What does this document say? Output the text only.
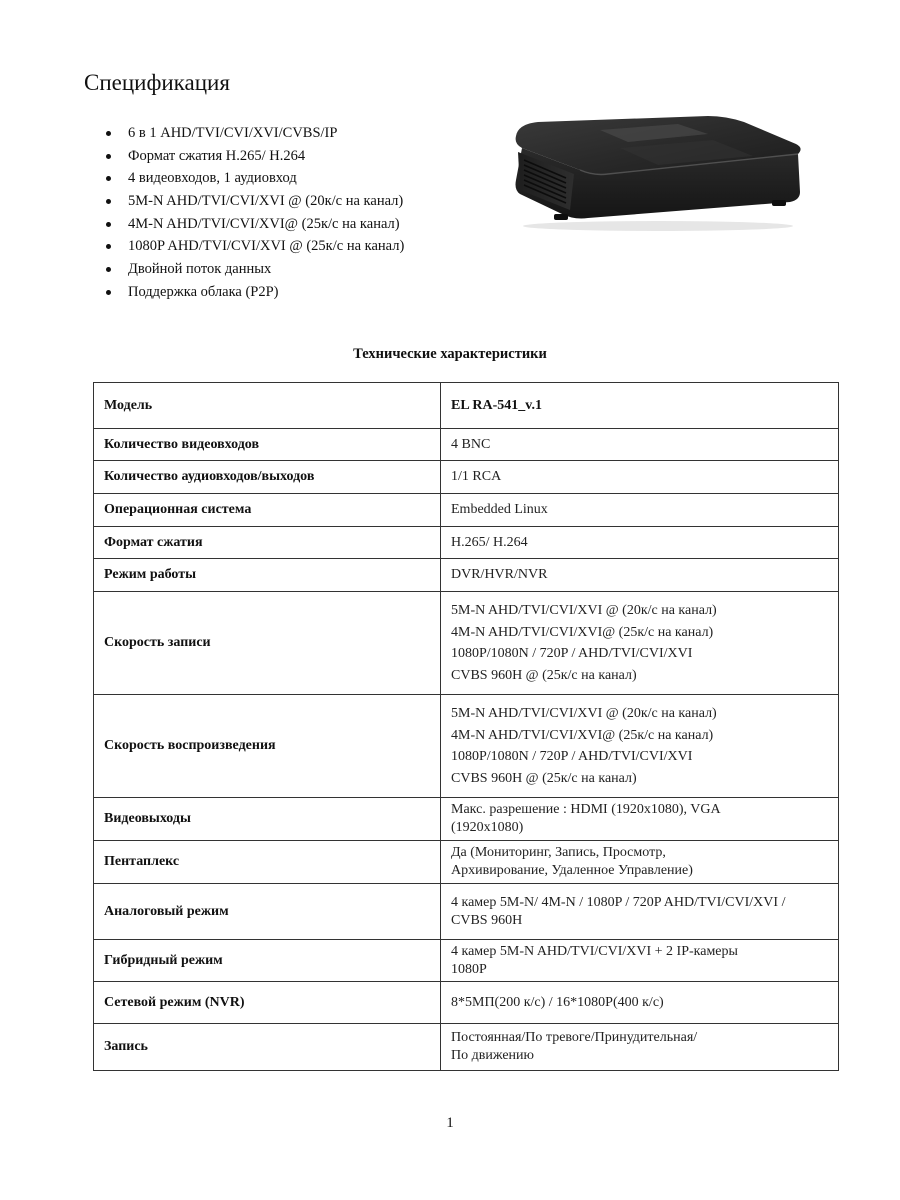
Спецификация
6 в 1 AHD/TVI/CVI/XVI/CVBS/IP
Формат сжатия H.265/ H.264
4 видеовходов, 1 аудиовход
5M-N AHD/TVI/CVI/XVI @ (20к/с на канал)
4M-N AHD/TVI/CVI/XVI@ (25к/с на канал)
1080P AHD/TVI/CVI/XVI @ (25к/с на канал)
Двойной поток данных
Поддержка облака (P2P)
Технические характеристики
Модель	EL RA-541_v.1

Количество видеовходов	4 BNC

Количество аудиовходов/выходов	1/1 RCA

Операционная система	Embedded Linux

Формат сжатия	H.265/ H.264

Режим работы	DVR/HVR/NVR

Скорость записи	5M-N AHD/TVI/CVI/XVI @ (20к/с на канал)
4M-N AHD/TVI/CVI/XVI@ (25к/с на канал)
1080P/1080N / 720P / AHD/TVI/CVI/XVI
CVBS 960H @ (25к/с на канал)

Скорость воспроизведения	5M-N AHD/TVI/CVI/XVI @ (20к/с на канал)
4M-N AHD/TVI/CVI/XVI@ (25к/с на канал)
1080P/1080N / 720P / AHD/TVI/CVI/XVI
CVBS 960H @ (25к/с на канал)

Видеовыходы	Макс. разрешение : HDMI (1920x1080), VGA
(1920x1080)

Пентаплекс	Да (Мониторинг, Запись, Просмотр,
Архивирование, Удаленное Управление)

Аналоговый режим	4 камер 5M-N/ 4M-N / 1080P / 720P AHD/TVI/CVI/XVI /
CVBS 960H

Гибридный режим	4 камер 5M-N AHD/TVI/CVI/XVI + 2 IP-камеры
1080P

Сетевой режим (NVR)	8*5МП(200 к/с) / 16*1080P(400 к/с)

Запись	Постоянная/По тревоге/Принудительная/
По движению
1
